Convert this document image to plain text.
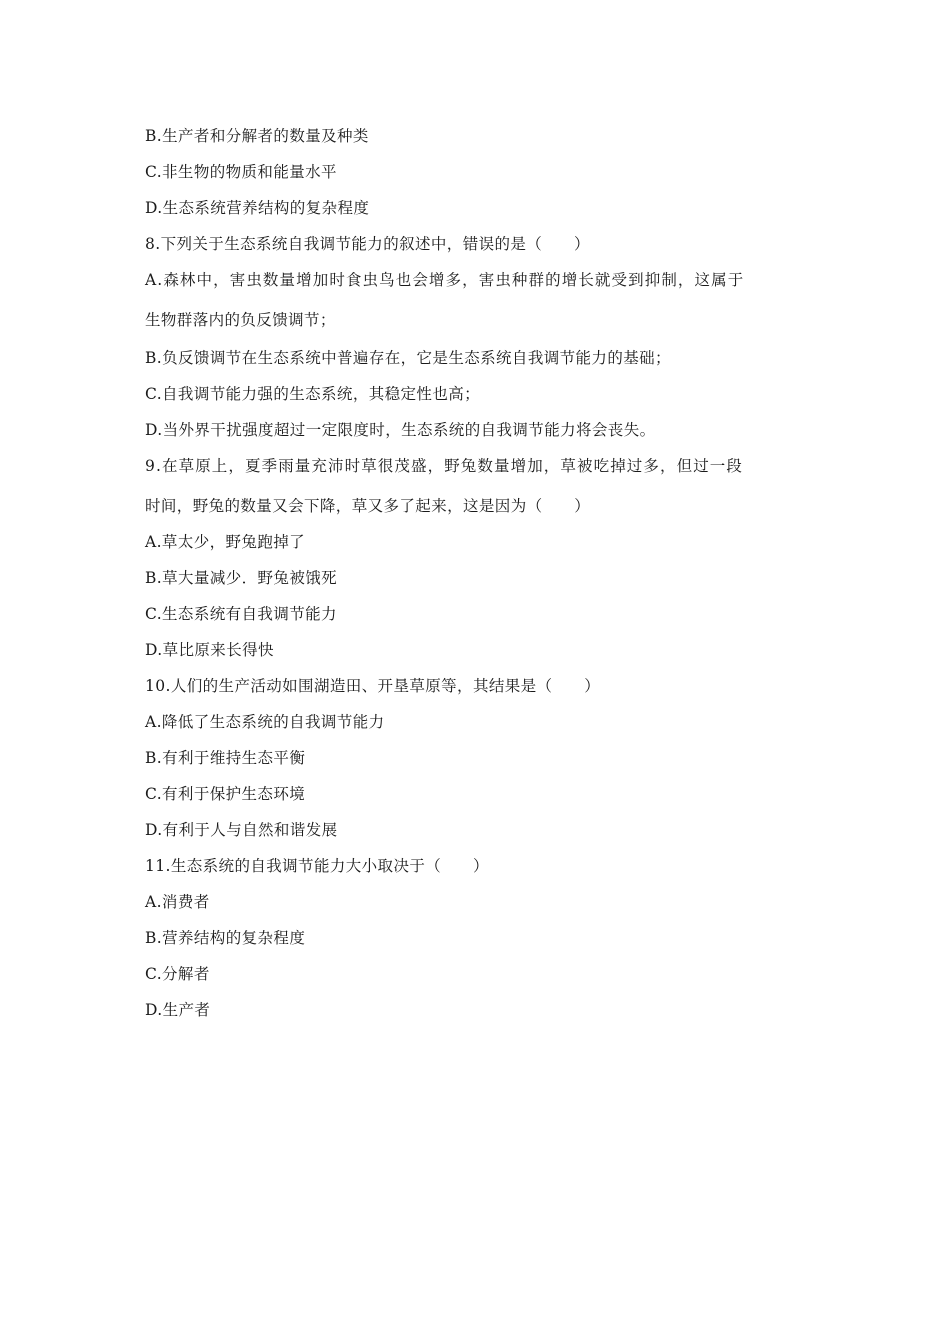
B.生产者和分解者的数量及种类
C.非生物的物质和能量水平
D.生态系统营养结构的复杂程度
8.下列关于生态系统自我调节能力的叙述中，错误的是（　　）
A.森林中，害虫数量增加时食虫鸟也会增多，害虫种群的增长就受到抑制，这属于
生物群落内的负反馈调节；
B.负反馈调节在生态系统中普遍存在，它是生态系统自我调节能力的基础；
C.自我调节能力强的生态系统，其稳定性也高；
D.当外界干扰强度超过一定限度时，生态系统的自我调节能力将会丧失。
9.在草原上，夏季雨量充沛时草很茂盛，野兔数量增加，草被吃掉过多，但过一段
时间，野兔的数量又会下降，草又多了起来，这是因为（　　）
A.草太少，野兔跑掉了
B.草大量减少．野兔被饿死
C.生态系统有自我调节能力
D.草比原来长得快
10.人们的生产活动如围湖造田、开垦草原等，其结果是（　　）
A.降低了生态系统的自我调节能力
B.有利于维持生态平衡
C.有利于保护生态环境
D.有利于人与自然和谐发展
11.生态系统的自我调节能力大小取决于（　　）
A.消费者
B.营养结构的复杂程度
C.分解者
D.生产者
